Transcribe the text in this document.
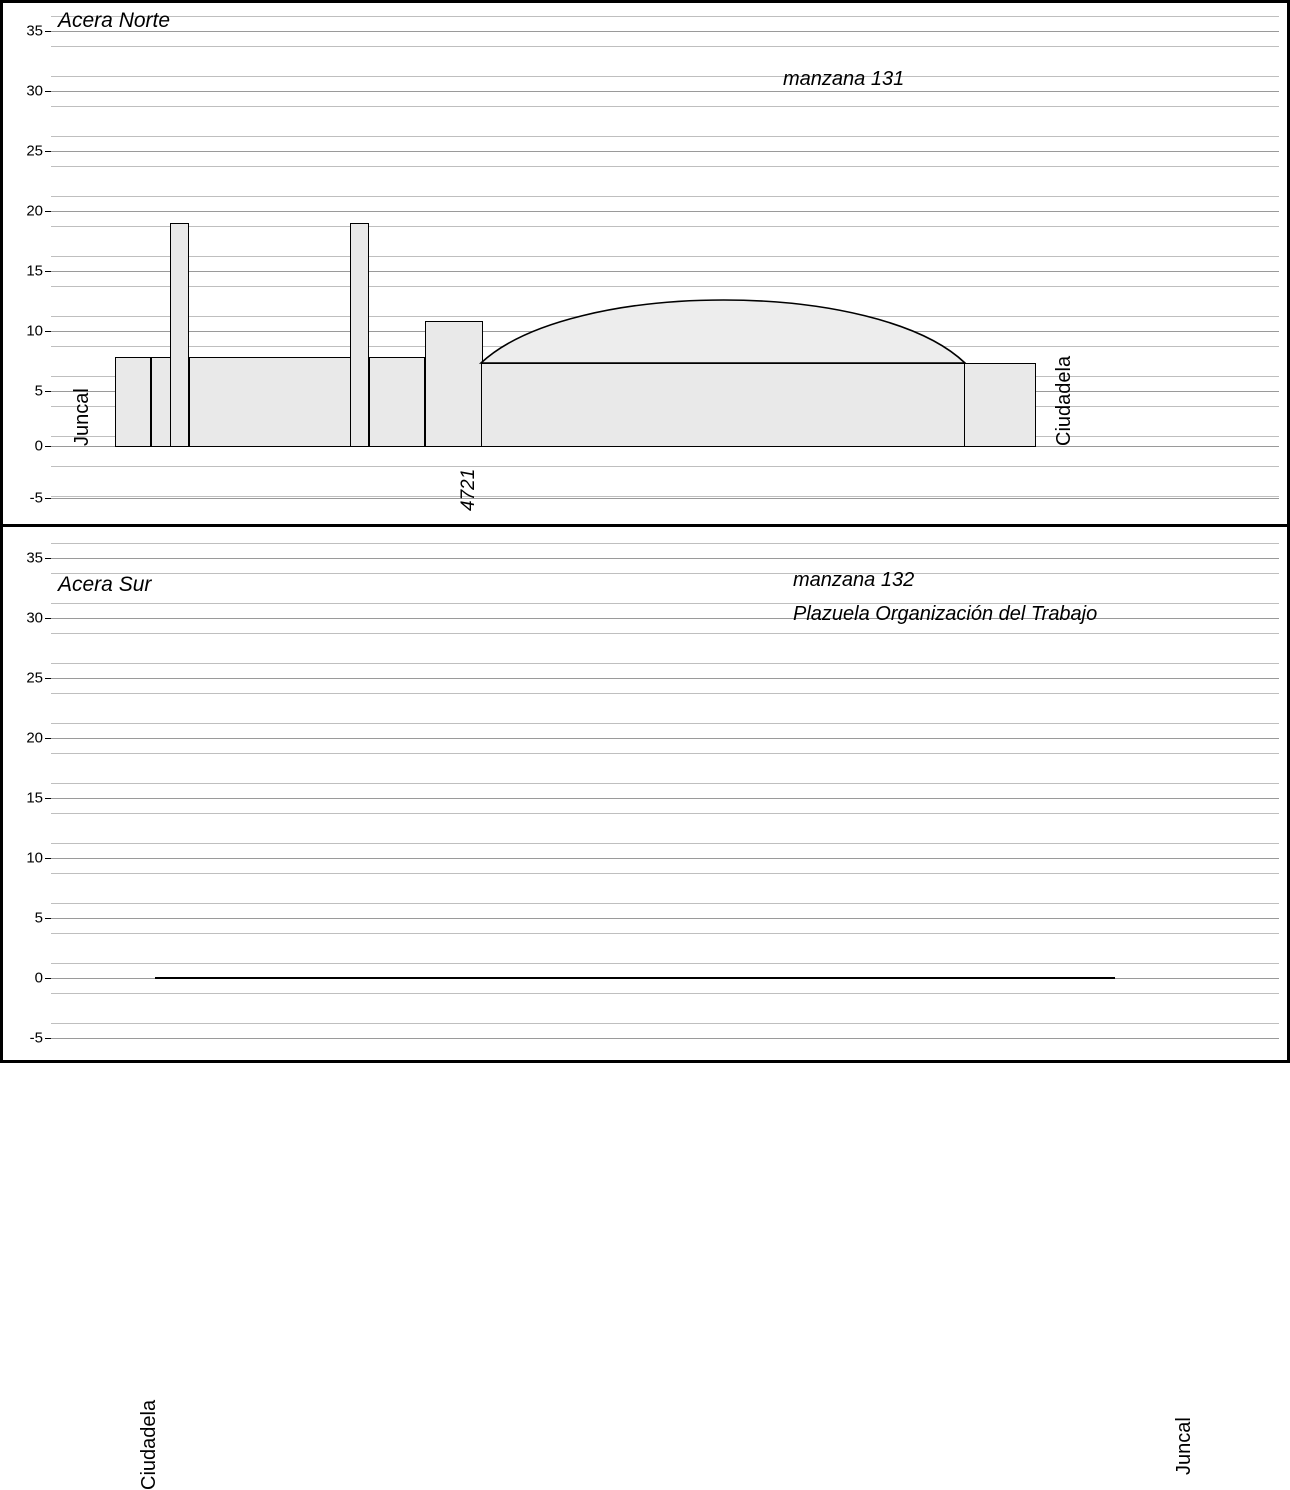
35
30
25
20
15
10
5
0
-5
Acera Norte
manzana 131
Juncal	Ciudadela
4721
35
30
25
20
15
10
5
0
-5
Acera Sur	manzana 132
Plazuela Organización del Trabajo
Ciudadela	Juncal
